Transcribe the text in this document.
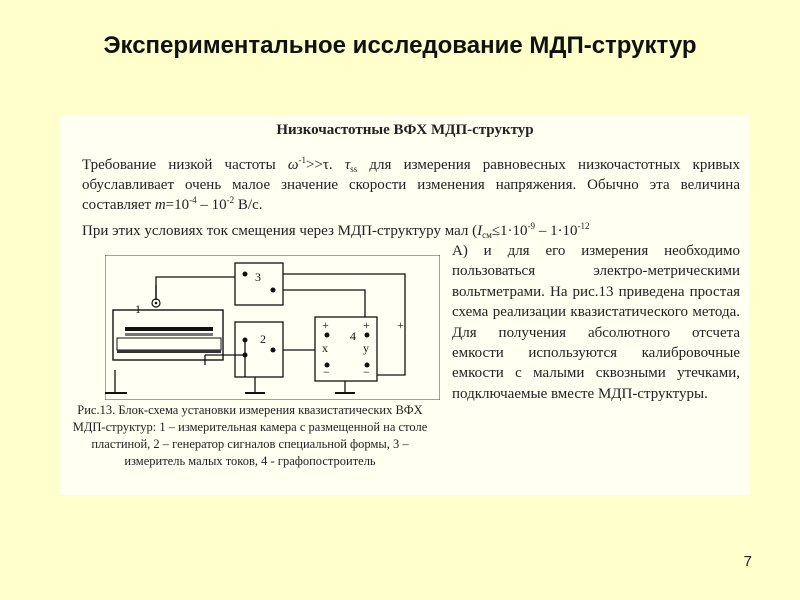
Экспериментальное исследование МДП-структур
Низкочастотные ВФХ МДП-структур

Требование низкой частоты $\omega^{-1}>>\tau$. $\tau_{ss}$ для измерения равновесных низкочастотных кривых обуславливает очень малое значение скорости изменения напряжения. Обычно эта величина составляет $m=10^{-4} - 10^{-2}$ В/с.

При этих условиях ток смещения через МДП-структуру мал ($I_{см}\le 1\cdot 10^{-9} - 1\cdot 10^{-12}$

А) и для его измерения необходимо пользоваться электро-метрическими вольтметрами. На рис.13 приведена простая схема реализации квазистатического метода. Для получения абсолютного отсчета емкости используются калибровочные емкости с малыми сквозными утечками, подключаемые вместе МДП-структуры.

3
2	4
1
+	+
x	y
−	−
+

Рис.13. Блок-схема установки измерения квазистатических ВФХ МДП-структур: 1 – измерительная камера с размещенной на столе пластиной, 2 – генератор сигналов специальной формы, 3 – измеритель малых токов, 4 - графопостроитель

7
